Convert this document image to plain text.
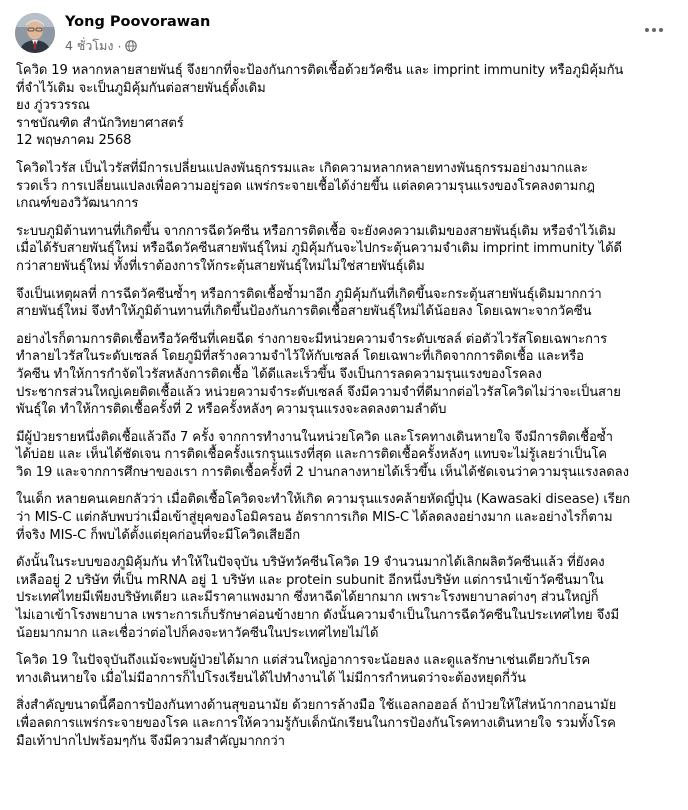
Yong Poovorawan
4 ชั่วโมง ·

โควิด 19 หลากหลายสายพันธุ์ จึงยากที่จะป้องกันการติดเชื้อด้วยวัคซีน และ imprint immunity หรือภูมิคุ้มกัน
ที่จำไว้เดิม จะเป็นภูมิคุ้มกันต่อสายพันธุ์ดั้งเดิม

ยง ภู่วรวรรณ
ราชบัณฑิต สำนักวิทยาศาสตร์
12 พฤษภาคม 2568

โควิดไวรัส เป็นไวรัสที่มีการเปลี่ยนแปลงพันธุกรรมและ เกิดความหลากหลายทางพันธุกรรมอย่างมากและ
รวดเร็ว การเปลี่ยนแปลงเพื่อความอยู่รอด แพร่กระจายเชื้อได้ง่ายขึ้น แต่ลดความรุนแรงของโรคลงตามกฎ
เกณฑ์ของวิวัฒนาการ

ระบบภูมิต้านทานที่เกิดขึ้น จากการฉีดวัคซีน หรือการติดเชื้อ จะยังคงความเดิมของสายพันธุ์เดิม หรือจำไว้เดิม
เมื่อได้รับสายพันธุ์ใหม่ หรือฉีดวัคซีนสายพันธุ์ใหม่ ภูมิคุ้มกันจะไปกระตุ้นความจำเดิม imprint immunity ได้ดี
กว่าสายพันธุ์ใหม่ ทั้งที่เราต้องการให้กระตุ้นสายพันธุ์ใหม่ไม่ใช่สายพันธุ์เดิม

จึงเป็นเหตุผลที่ การฉีดวัคซีนซ้ำๆ หรือการติดเชื้อซ้ำมาอีก ภูมิคุ้มกันที่เกิดขึ้นจะกระตุ้นสายพันธุ์เดิมมากกว่า
สายพันธุ์ใหม่ จึงทำให้ภูมิต้านทานที่เกิดขึ้นป้องกันการติดเชื้อสายพันธุ์ใหม่ได้น้อยลง โดยเฉพาะจากวัคซีน

อย่างไรก็ตามการติดเชื้อหรือวัคซีนที่เคยฉีด ร่างกายจะมีหน่วยความจำระดับเซลล์ ต่อตัวไวรัสโดยเฉพาะการ
ทำลายไวรัสในระดับเซลล์ โดยภูมิที่สร้างความจำไว้ให้กับเซลล์ โดยเฉพาะที่เกิดจากการติดเชื้อ และหรือ
วัคซีน ทำให้การกำจัดไวรัสหลังการติดเชื้อ ได้ดีและเร็วขึ้น จึงเป็นการลดความรุนแรงของโรคลง
ประชากรส่วนใหญ่เคยติดเชื้อแล้ว หน่วยความจำระดับเซลล์ จึงมีความจำที่ดีมากต่อไวรัสโควิดไม่ว่าจะเป็นสาย
พันธุ์ใด ทำให้การติดเชื้อครั้งที่ 2 หรือครั้งหลังๆ ความรุนแรงจะลดลงตามลำดับ

มีผู้ป่วยรายหนึ่งติดเชื้อแล้วถึง 7 ครั้ง จากการทำงานในหน่วยโควิด และโรคทางเดินหายใจ จึงมีการติดเชื้อซ้ำ
ได้บ่อย และ เห็นได้ชัดเจน การติดเชื้อครั้งแรกรุนแรงที่สุด และการติดเชื้อครั้งหลังๆ แทบจะไม่รู้เลยว่าเป็นโค
วิด 19 และจากการศึกษาของเรา การติดเชื้อครั้งที่ 2 ปานกลางหายได้เร็วขึ้น เห็นได้ชัดเจนว่าความรุนแรงลดลง

ในเด็ก หลายคนเคยกลัวว่า เมื่อติดเชื้อโควิดจะทำให้เกิด ความรุนแรงคล้ายหัดญี่ปุ่น (Kawasaki disease) เรียก
ว่า MIS-C แต่กลับพบว่าเมื่อเข้าสู่ยุคของโอมิครอน อัตราการเกิด MIS-C ได้ลดลงอย่างมาก และอย่างไรก็ตาม
ที่จริง MIS-C ก็พบได้ตั้งแต่ยุคก่อนที่จะมีโควิดเสียอีก

ดังนั้นในระบบของภูมิคุ้มกัน ทำให้ในปัจจุบัน บริษัทวัคซีนโควิด 19 จำนวนมากได้เลิกผลิตวัคซีนแล้ว ที่ยังคง
เหลืออยู่ 2 บริษัท ที่เป็น mRNA อยู่ 1 บริษัท และ protein subunit อีกหนึ่งบริษัท แต่การนำเข้าวัคซีนมาใน
ประเทศไทยมีเพียงบริษัทเดียว และมีราคาแพงมาก ซึ่งหาฉีดได้ยากมาก เพราะโรงพยาบาลต่างๆ ส่วนใหญ่ก็
ไม่เอาเข้าโรงพยาบาล เพราะการเก็บรักษาค่อนข้างยาก ดังนั้นความจำเป็นในการฉีดวัคซีนในประเทศไทย จึงมี
น้อยมากมาก และเชื่อว่าต่อไปก็คงจะหาวัคซีนในประเทศไทยไม่ได้

โควิด 19 ในปัจจุบันถึงแม้จะพบผู้ป่วยได้มาก แต่ส่วนใหญ่อาการจะน้อยลง และดูแลรักษาเช่นเดียวกับโรค
ทางเดินหายใจ เมื่อไม่มีอาการก็ไปโรงเรียนได้ไปทำงานได้ ไม่มีการกำหนดว่าจะต้องหยุดกี่วัน

สิ่งสำคัญขนาดนี้คือการป้องกันทางด้านสุขอนามัย ด้วยการล้างมือ ใช้แอลกอฮอล์ ถ้าป่วยให้ใส่หน้ากากอนามัย
เพื่อลดการแพร่กระจายของโรค และการให้ความรู้กับเด็กนักเรียนในการป้องกันโรคทางเดินหายใจ รวมทั้งโรค
มือเท้าปากไปพร้อมๆกัน จึงมีความสำคัญมากกว่า
